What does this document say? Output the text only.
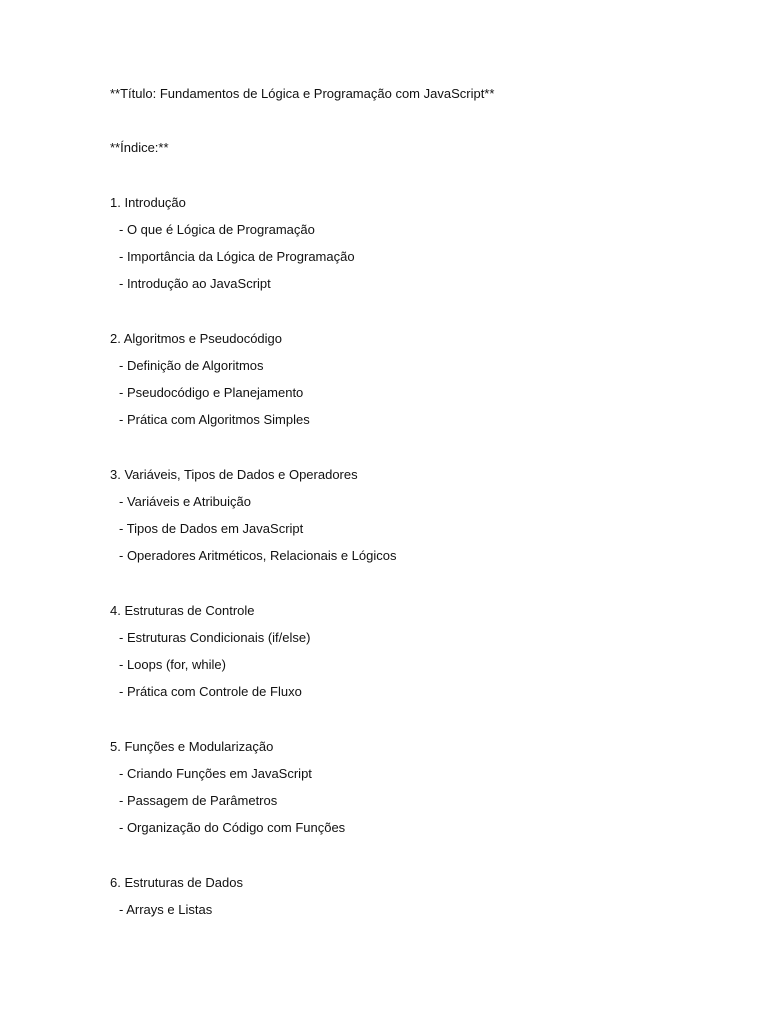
**Título: Fundamentos de Lógica e Programação com JavaScript**
**Índice:**
1. Introdução
- O que é Lógica de Programação
- Importância da Lógica de Programação
- Introdução ao JavaScript
2. Algoritmos e Pseudocódigo
- Definição de Algoritmos
- Pseudocódigo e Planejamento
- Prática com Algoritmos Simples
3. Variáveis, Tipos de Dados e Operadores
- Variáveis e Atribuição
- Tipos de Dados em JavaScript
- Operadores Aritméticos, Relacionais e Lógicos
4. Estruturas de Controle
- Estruturas Condicionais (if/else)
- Loops (for, while)
- Prática com Controle de Fluxo
5. Funções e Modularização
- Criando Funções em JavaScript
- Passagem de Parâmetros
- Organização do Código com Funções
6. Estruturas de Dados
- Arrays e Listas
